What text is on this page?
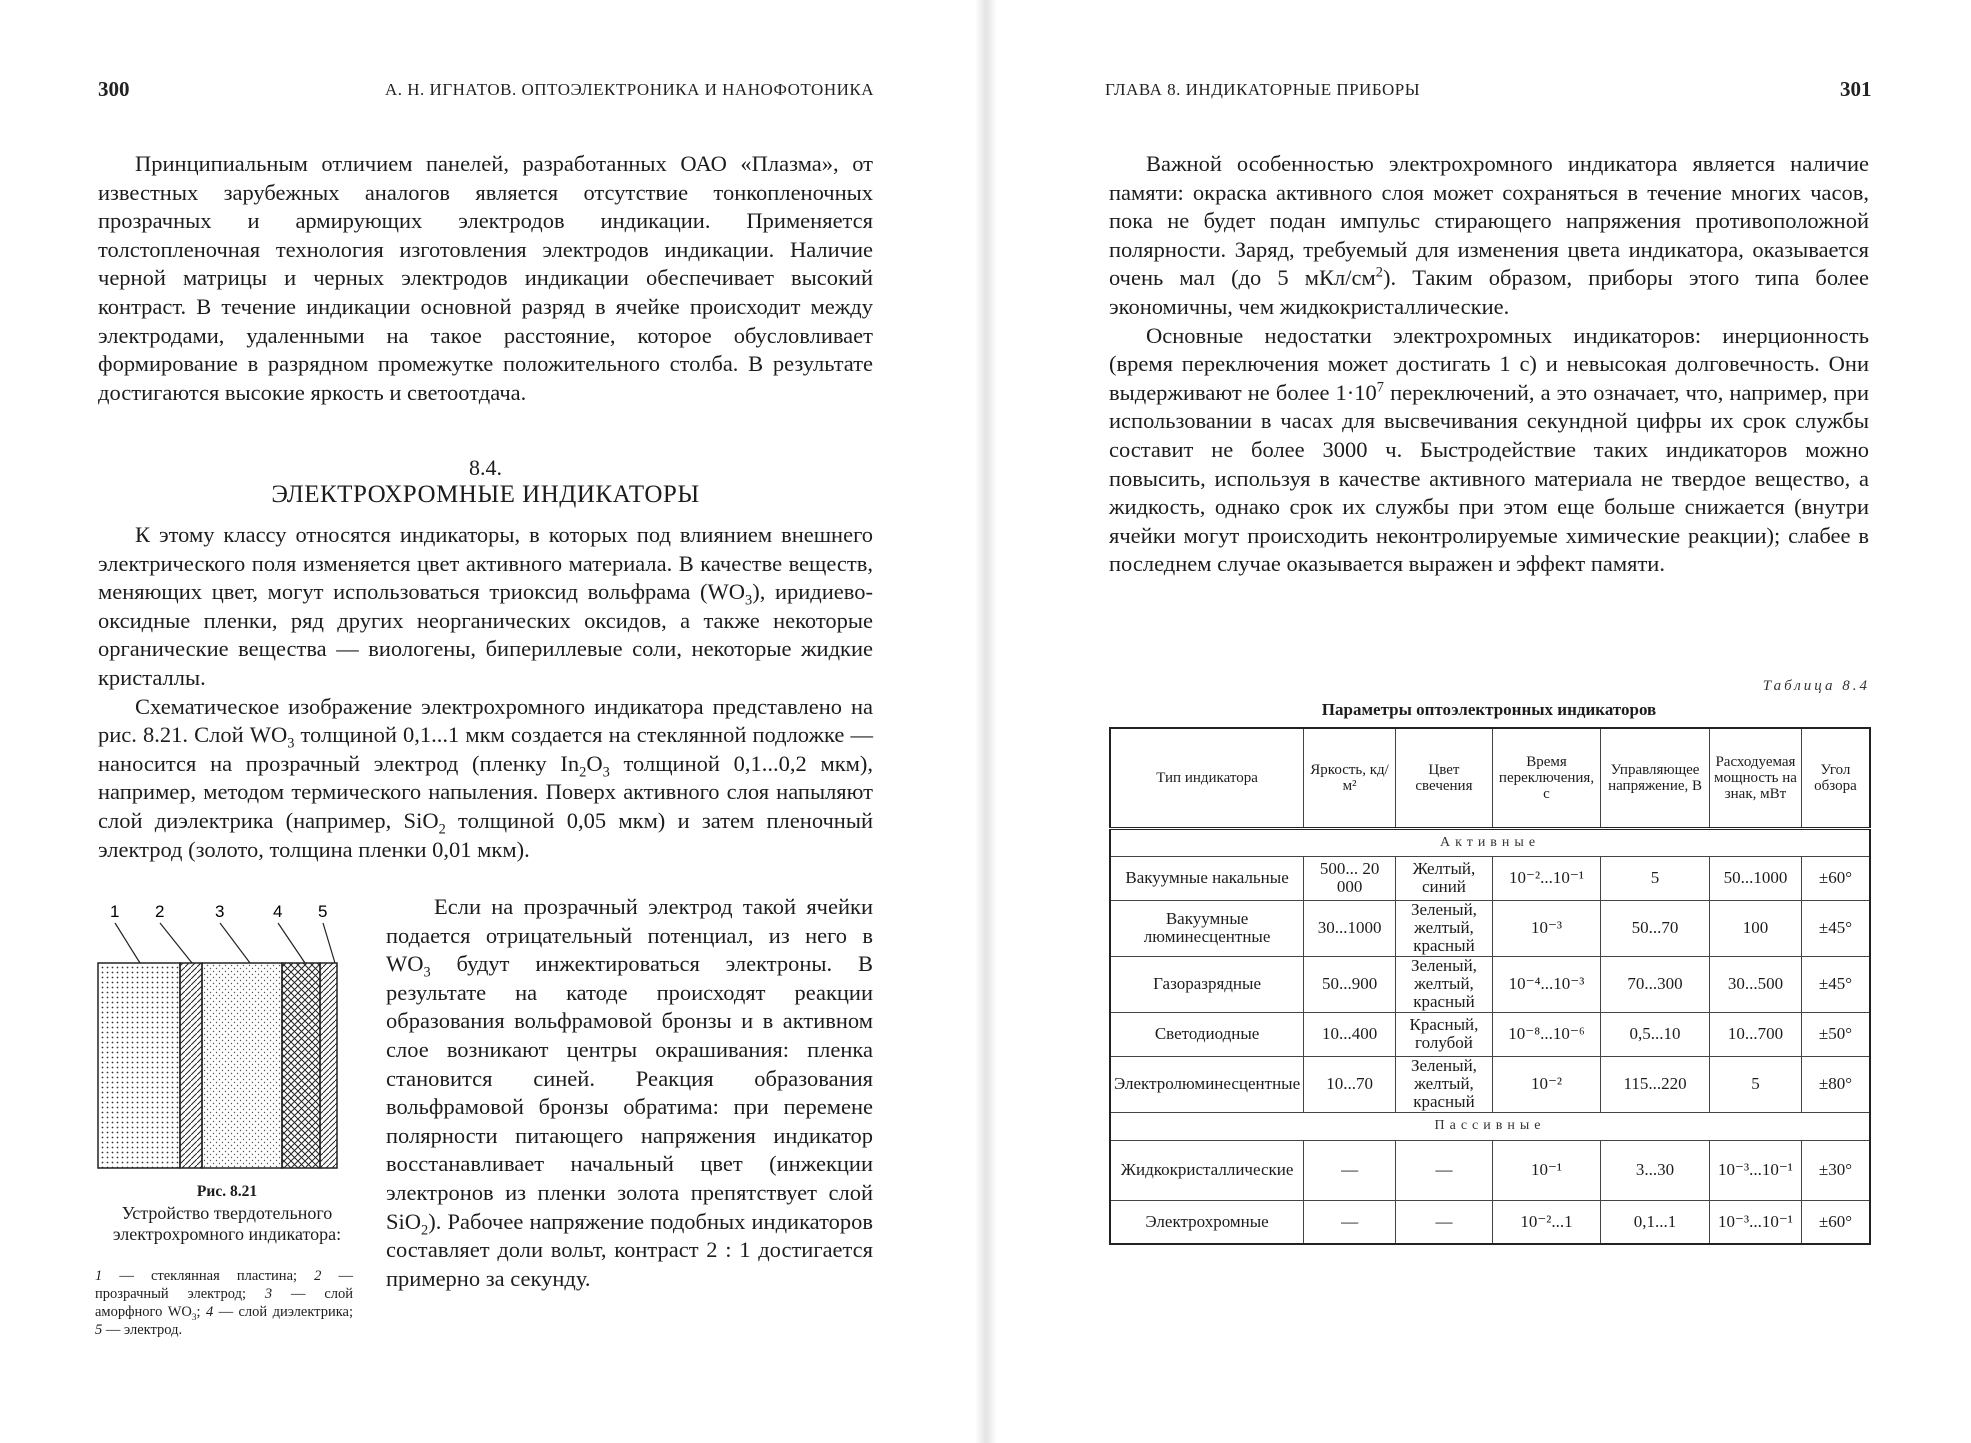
300	А. Н. ИГНАТОВ. ОПТОЭЛЕКТРОНИКА И НАНОФОТОНИКА

Принципиальным отличием панелей, разработанных ОАО «Плазма», от известных зарубежных аналогов является отсутствие тонкопленочных прозрачных и армирующих электродов индикации. Применяется толстопленочная технология изготовления электродов индикации. Наличие черной матрицы и черных электродов индикации обеспечивает высокий контраст. В течение индикации основной разряд в ячейке происходит между электродами, удаленными на такое расстояние, которое обусловливает формирование в разрядном промежутке положительного столба. В результате достигаются высокие яркость и светоотдача.

8.4.
ЭЛЕКТРОХРОМНЫЕ ИНДИКАТОРЫ

К этому классу относятся индикаторы, в которых под влиянием внешнего электрического поля изменяется цвет активного материала. В качестве веществ, меняющих цвет, могут использоваться триоксид вольфрама $(WO_3)$, иридиево-оксидные пленки, ряд других неорганических оксидов, а также некоторые органические вещества — виологены, бипериллевые соли, некоторые жидкие кристаллы.

Схематическое изображение электрохромного индикатора представлено на рис. 8.21. Слой $WO_3$ толщиной 0,1...1 мкм создается на стеклянной подложке — наносится на прозрачный электрод (пленку $In_2O_3$ толщиной 0,1...0,2 мкм), например, методом термического напыления. Поверх активного слоя напыляют слой диэлектрика (например, SiO$_2$ толщиной 0,05 мкм) и затем пленочный электрод (золото, толщина пленки 0,01 мкм).

1 2	3	4 5
Рис. 8.21
Устройство твердотельного электрохромного индикатора:
1 — стеклянная пластина; 2 — прозрачный электрод; 3 — слой аморфного $WO_3$; 4 — слой диэлектрика; 5 — электрод.

Если на прозрачный электрод такой ячейки подается отрицательный потенциал, из него в $WO_3$ будут инжектироваться электроны. В результате на катоде происходят реакции образования вольфрамовой бронзы и в активном слое возникают центры окрашивания: пленка становится синей. Реакция образования вольфрамовой бронзы обратима: при перемене полярности питающего напряжения индикатор восстанавливает начальный цвет (инжекции электронов из пленки золота препятствует слой SiO$_2$). Рабочее напряжение подобных индикаторов составляет доли вольт, контраст 2 : 1 достигается примерно за секунду.

ГЛАВА 8. ИНДИКАТОРНЫЕ ПРИБОРЫ	301

Важной особенностью электрохромного индикатора является наличие памяти: окраска активного слоя может сохраняться в течение многих часов, пока не будет подан импульс стирающего напряжения противоположной полярности. Заряд, требуемый для изменения цвета индикатора, оказывается очень мал (до 5 мКл/$см^2$). Таким образом, приборы этого типа более экономичны, чем жидкокристаллические.

Основные недостатки электрохромных индикаторов: инерционность (время переключения может достигать 1 с) и невысокая долговечность. Они выдерживают не более $1\cdot 10^7$ переключений, а это означает, что, например, при использовании в часах для высвечивания секундной цифры их срок службы составит не более 3000 ч. Быстродействие таких индикаторов можно повысить, используя в качестве активного материала не твердое вещество, а жидкость, однако срок их службы при этом еще больше снижается (внутри ячейки могут происходить неконтролируемые химические реакции); слабее в последнем случае оказывается выражен и эффект памяти.

Таблица 8.4
Параметры оптоэлектронных индикаторов
Тип индикатора	Яркость, кд/м²	Цвет свечения	Время переключения, с	Управляющее напряжение, В	Расходуемая мощность на знак, мВт	Угол обзора
Активные						
Вакуумные накальные	500... 20 000	Желтый, синий	10⁻²...10⁻¹	5	50...1000	±60°
Вакуумные люминесцентные	30...1000	Зеленый, желтый, красный	10⁻³	50...70	100	±45°
Газоразрядные	50...900	Зеленый, желтый, красный	10⁻⁴...10⁻³	70...300	30...500	±45°
Светодиодные	10...400	Красный, голубой	10⁻⁸...10⁻⁶	0,5...10	10...700	±50°
Электролюминесцентные	10...70	Зеленый, желтый, красный	10⁻²	115...220	5	±80°
Пассивные						
Жидкокристаллические	—	—	10⁻¹	3...30	10⁻³...10⁻¹	±30°
Электрохромные	—	—	10⁻²...1	0,1...1	10⁻³...10⁻¹	±60°
